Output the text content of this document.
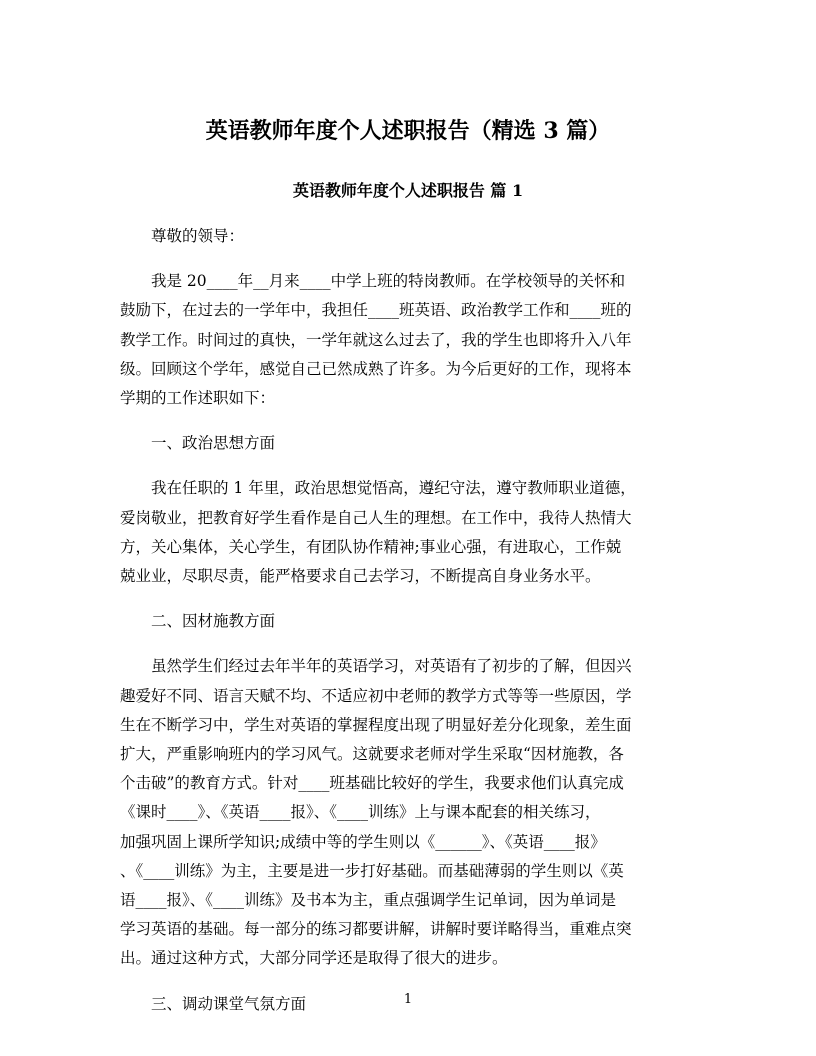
英语教师年度个人述职报告（精选 3 篇）
英语教师年度个人述职报告 篇 1

尊敬的领导：

我是 20____年__月来____中学上班的特岗教师。在学校领导的关怀和
鼓励下，在过去的一学年中，我担任____班英语、政治教学工作和____班的
教学工作。时间过的真快，一学年就这么过去了，我的学生也即将升入八年
级。回顾这个学年，感觉自己已然成熟了许多。为今后更好的工作，现将本
学期的工作述职如下：

一、政治思想方面

我在任职的 1 年里，政治思想觉悟高，遵纪守法，遵守教师职业道德，
爱岗敬业，把教育好学生看作是自己人生的理想。在工作中，我待人热情大
方，关心集体，关心学生，有团队协作精神;事业心强，有进取心，工作兢
兢业业，尽职尽责，能严格要求自己去学习，不断提高自身业务水平。

二、因材施教方面

虽然学生们经过去年半年的英语学习，对英语有了初步的了解，但因兴
趣爱好不同、语言天赋不均、不适应初中老师的教学方式等等一些原因，学
生在不断学习中，学生对英语的掌握程度出现了明显好差分化现象，差生面
扩大，严重影响班内的学习风气。这就要求老师对学生采取“因材施教，各
个击破”的教育方式。针对____班基础比较好的学生，我要求他们认真完成
《课时____》、《英语____报》、《____训练》上与课本配套的相关练习，
加强巩固上课所学知识;成绩中等的学生则以《______》、《英语____报》
、《____训练》为主，主要是进一步打好基础。而基础薄弱的学生则以《英
语____报》、《____训练》及书本为主，重点强调学生记单词，因为单词是
学习英语的基础。每一部分的练习都要讲解，讲解时要详略得当，重难点突
出。通过这种方式，大部分同学还是取得了很大的进步。

三、调动课堂气氛方面	1
